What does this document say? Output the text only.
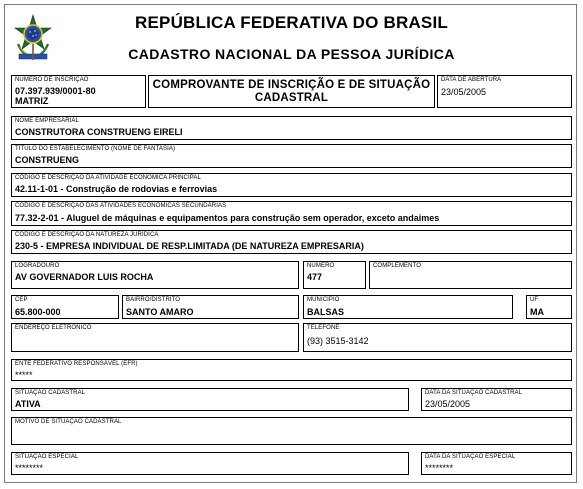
REPÚBLICA FEDERATIVA DO BRASIL
CADASTRO NACIONAL DA PESSOA JURÍDICA
NÚMERO DE INSCRIÇÃO
07.397.939/0001-80
MATRIZ
COMPROVANTE DE INSCRIÇÃO E DE SITUAÇÃO
CADASTRAL
DATA DE ABERTURA
23/05/2005
NOME EMPRESARIAL
CONSTRUTORA CONSTRUENG EIRELI
TÍTULO DO ESTABELECIMENTO (NOME DE FANTASIA)
CONSTRUENG
CÓDIGO E DESCRIÇÃO DA ATIVIDADE ECONÔMICA PRINCIPAL
42.11-1-01 - Construção de rodovias e ferrovias
CÓDIGO E DESCRIÇÃO DAS ATIVIDADES ECONÔMICAS SECUNDÁRIAS
77.32-2-01 - Aluguel de máquinas e equipamentos para construção sem operador, exceto andaimes
CÓDIGO E DESCRIÇÃO DA NATUREZA JURÍDICA
230-5 - EMPRESA INDIVIDUAL DE RESP.LIMITADA (DE NATUREZA EMPRESARIA)
LOGRADOURO
AV GOVERNADOR LUIS ROCHA
NÚMERO
477
COMPLEMENTO
CEP
65.800-000
BAIRRO/DISTRITO
SANTO AMARO
MUNICÍPIO
BALSAS
UF
MA
ENDEREÇO ELETRÔNICO	TELEFONE
(93) 3515-3142
ENTE FEDERATIVO RESPONSÁVEL (EFR)
*****
SITUAÇÃO CADASTRAL
ATIVA
DATA DA SITUAÇÃO CADASTRAL
23/05/2005
MOTIVO DE SITUAÇÃO CADASTRAL
SITUAÇÃO ESPECIAL
********
DATA DA SITUAÇÃO ESPECIAL
********
